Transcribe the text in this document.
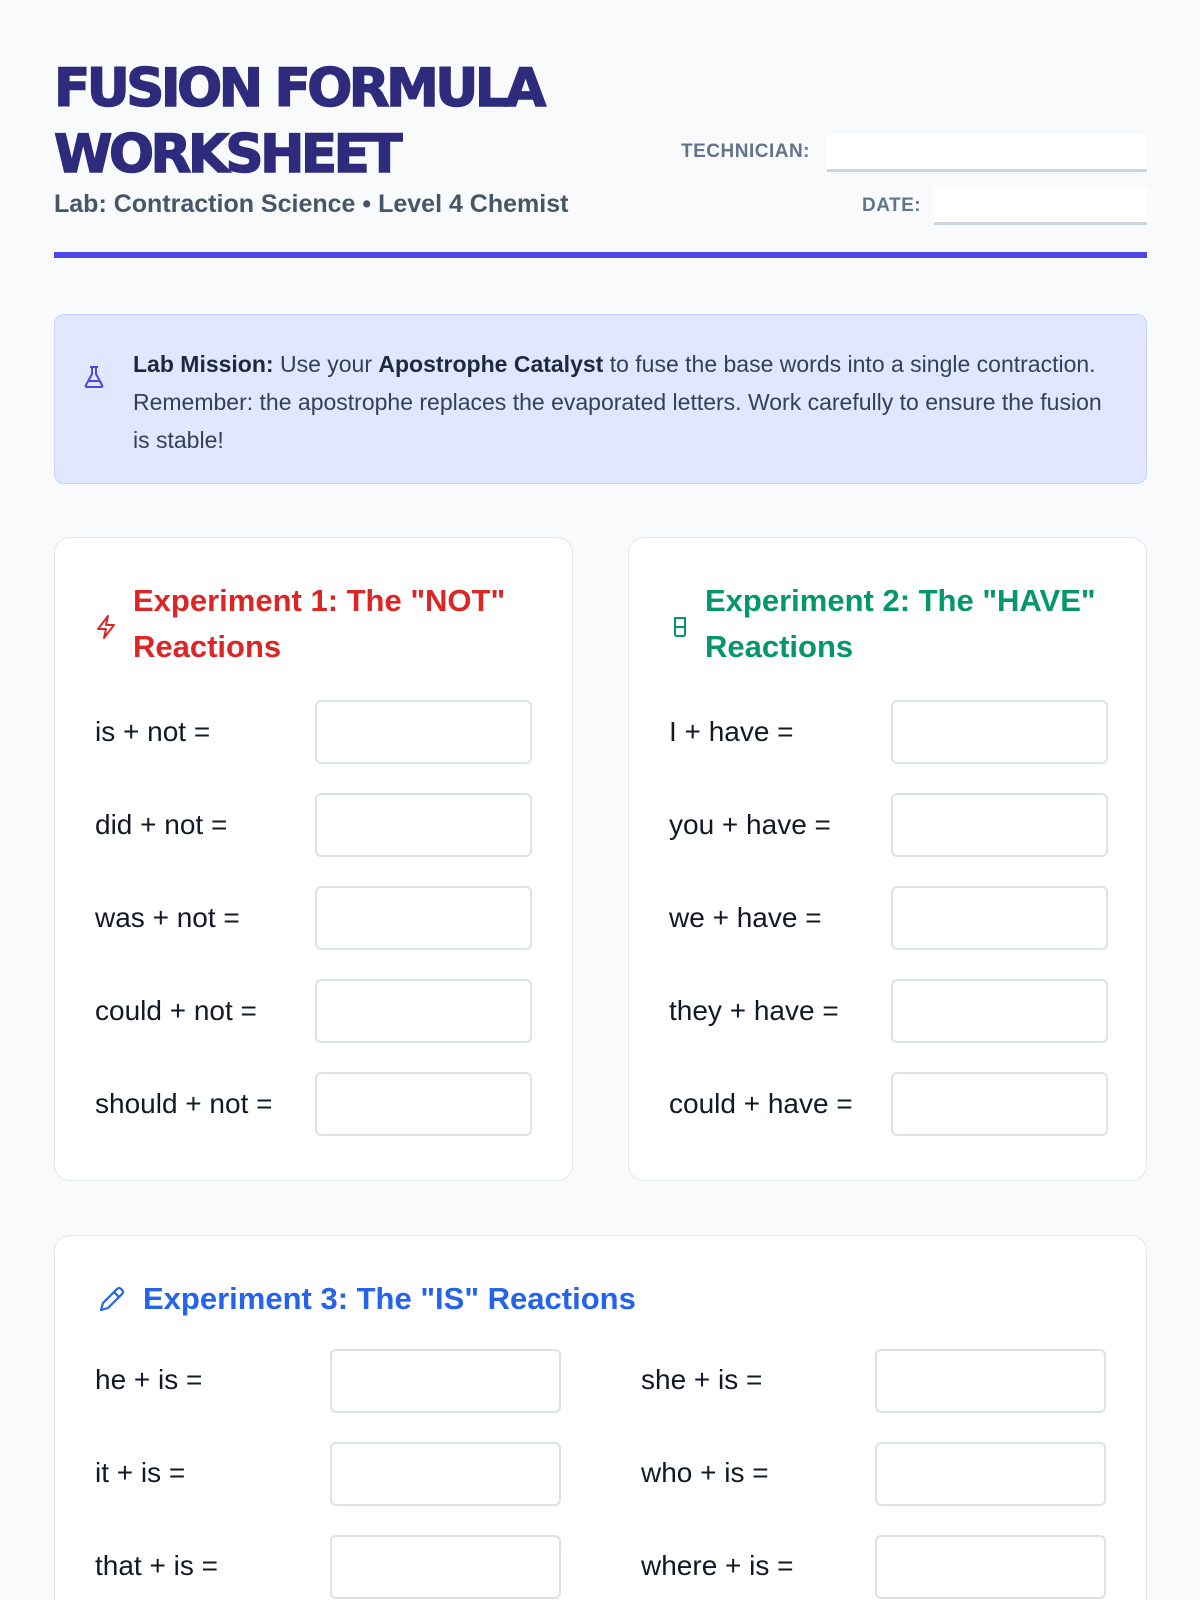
FUSION FORMULA WORKSHEET
Lab: Contraction Science • Level 4 Chemist
TECHNICIAN:
DATE:
Lab Mission: Use your Apostrophe Catalyst to fuse the base words into a single contraction. Remember: the apostrophe replaces the evaporated letters. Work carefully to ensure the fusion is stable!
Experiment 1: The "NOT" Reactions
is + not =
did + not =
was + not =
could + not =
should + not =
Experiment 2: The "HAVE" Reactions
I + have =
you + have =
we + have =
they + have =
could + have =
Experiment 3: The "IS" Reactions
he + is =	she + is =
it + is =	who + is =
that + is =	where + is =
